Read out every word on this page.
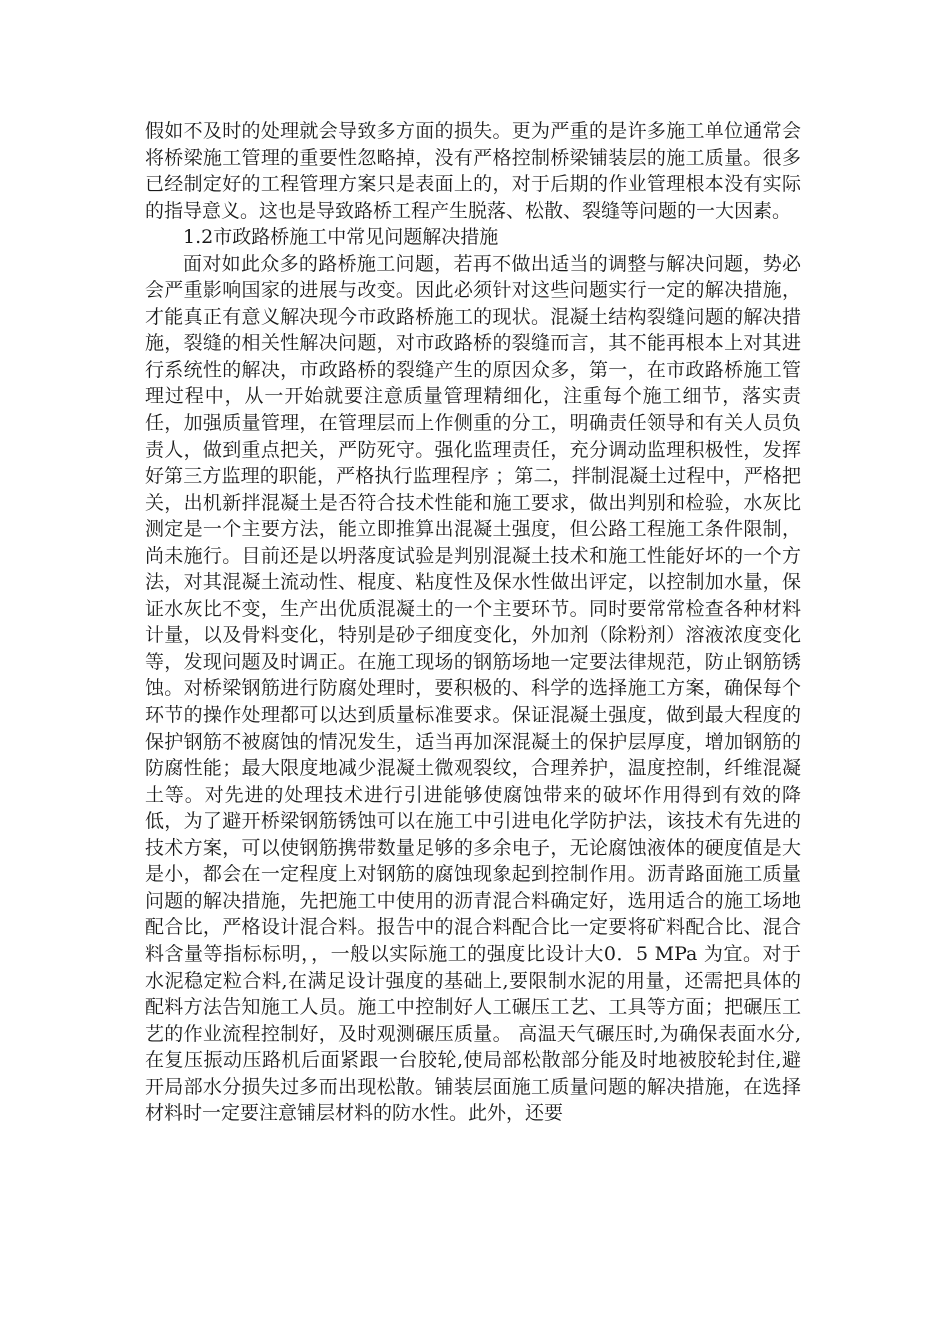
假如不及时的处理就会导致多方面的损失。更为严重的是许多施工单位通常会将桥梁施工管理的重要性忽略掉，没有严格控制桥梁铺装层的施工质量。很多已经制定好的工程管理方案只是表面上的，对于后期的作业管理根本没有实际的指导意义。这也是导致路桥工程产生脱落、松散、裂缝等问题的一大因素。

1.2市政路桥施工中常见问题解决措施

面对如此众多的路桥施工问题，若再不做出适当的调整与解决问题，势必会严重影响国家的进展与改变。因此必须针对这些问题实行一定的解决措施，才能真正有意义解决现今市政路桥施工的现状。混凝土结构裂缝问题的解决措施，裂缝的相关性解决问题，对市政路桥的裂缝而言，其不能再根本上对其进行系统性的解决，市政路桥的裂缝产生的原因众多，第一，在市政路桥施工管理过程中，从一开始就要注意质量管理精细化，注重每个施工细节，落实责任，加强质量管理，在管理层而上作侧重的分工，明确责任领导和有关人员负责人，做到重点把关，严防死守。强化监理责任，充分调动监理积极性，发挥好第三方监理的职能，严格执行监理程序 ；第二，拌制混凝土过程中，严格把关，出机新拌混凝土是否符合技术性能和施工要求，做出判别和检验，水灰比测定是一个主要方法，能立即推算出混凝土强度，但公路工程施工条件限制，尚未施行。目前还是以坍落度试验是判别混凝土技术和施工性能好坏的一个方法，对其混凝土流动性、棍度、粘度性及保水性做出评定，以控制加水量，保证水灰比不变，生产出优质混凝土的一个主要环节。同时要常常检查各种材料计量，以及骨料变化，特别是砂子细度变化，外加剂（除粉剂）溶液浓度变化等，发现问题及时调正。在施工现场的钢筋场地一定要法律规范，防止钢筋锈蚀。对桥梁钢筋进行防腐处理时，要积极的、科学的选择施工方案，确保每个环节的操作处理都可以达到质量标准要求。保证混凝土强度，做到最大程度的保护钢筋不被腐蚀的情况发生，适当再加深混凝土的保护层厚度，增加钢筋的防腐性能；最大限度地减少混凝土微观裂纹，合理养护，温度控制，纤维混凝土等。对先进的处理技术进行引进能够使腐蚀带来的破坏作用得到有效的降低，为了避开桥梁钢筋锈蚀可以在施工中引进电化学防护法，该技术有先进的技术方案，可以使钢筋携带数量足够的多余电子，无论腐蚀液体的硬度值是大是小，都会在一定程度上对钢筋的腐蚀现象起到控制作用。沥青路面施工质量问题的解决措施，先把施工中使用的沥青混合料确定好，选用适合的施工场地配合比，严格设计混合料。报告中的混合料配合比一定要将矿料配合比、混合料含量等指标标明，，一般以实际施工的强度比设计大0．5 MPa 为宜。对于水泥稳定粒合料,在满足设计强度的基础上,要限制水泥的用量，还需把具体的配料方法告知施工人员。施工中控制好人工碾压工艺、工具等方面；把碾压工艺的作业流程控制好，及时观测碾压质量。 高温天气碾压时,为确保表面水分,在复压振动压路机后面紧跟一台胶轮,使局部松散部分能及时地被胶轮封住,避开局部水分损失过多而出现松散。铺装层面施工质量问题的解决措施，在选择材料时一定要注意铺层材料的防水性。此外，还要
